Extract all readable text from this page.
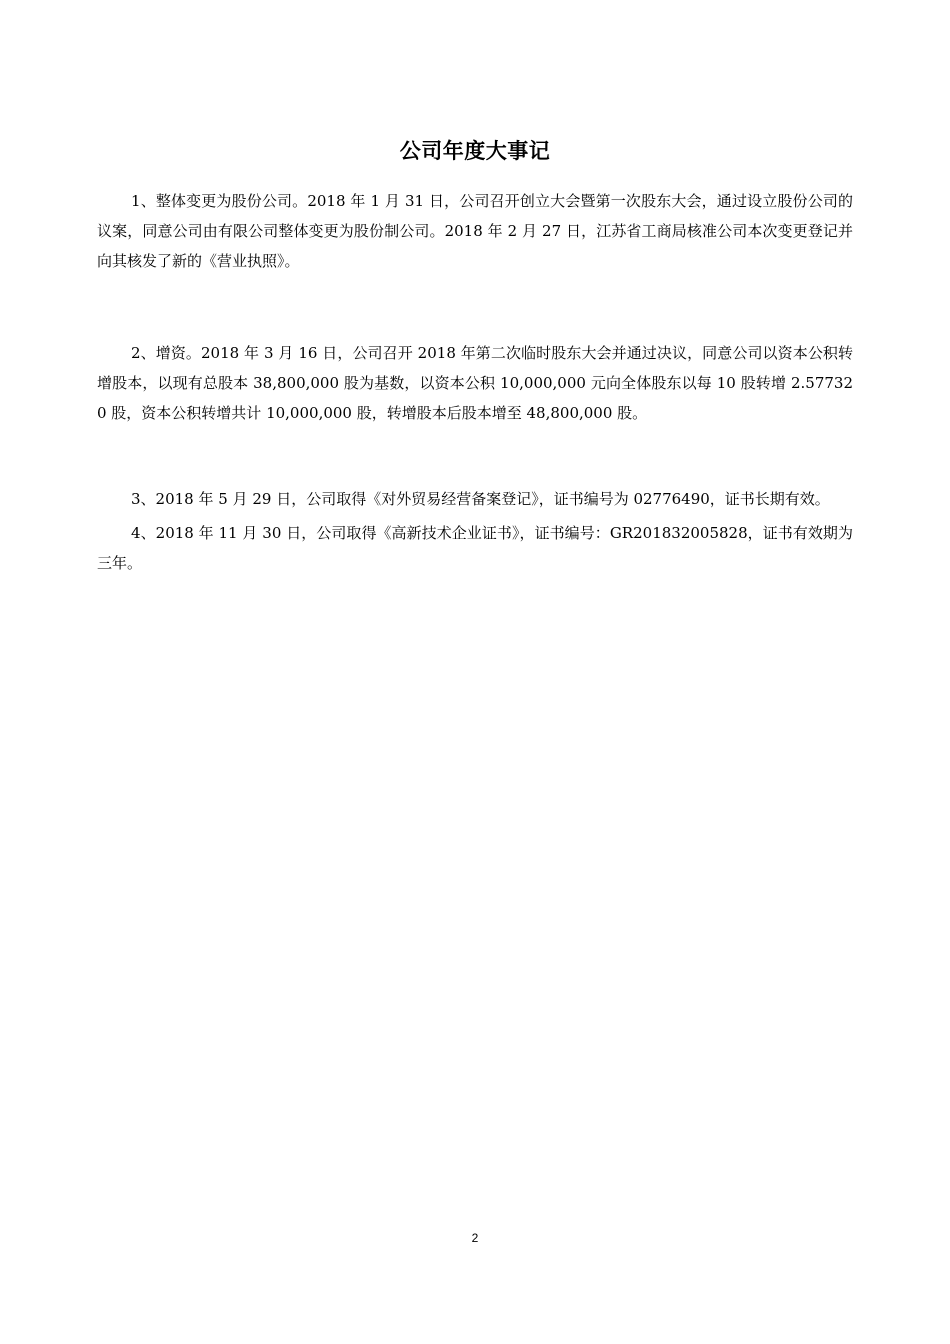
公司年度大事记

1、整体变更为股份公司。2018 年 1 月 31 日，公司召开创立大会暨第一次股东大会，通过设立股份公司的议案，同意公司由有限公司整体变更为股份制公司。2018 年 2 月 27 日，江苏省工商局核准公司本次变更登记并向其核发了新的《营业执照》。

2、增资。2018 年 3 月 16 日，公司召开 2018 年第二次临时股东大会并通过决议，同意公司以资本公积转增股本，以现有总股本 38,800,000 股为基数，以资本公积 10,000,000 元向全体股东以每 10 股转增 2.577320 股，资本公积转增共计 10,000,000 股，转增股本后股本增至 48,800,000 股。

3、2018 年 5 月 29 日，公司取得《对外贸易经营备案登记》，证书编号为 02776490，证书长期有效。

4、2018 年 11 月 30 日，公司取得《高新技术企业证书》，证书编号：GR201832005828，证书有效期为三年。

2
